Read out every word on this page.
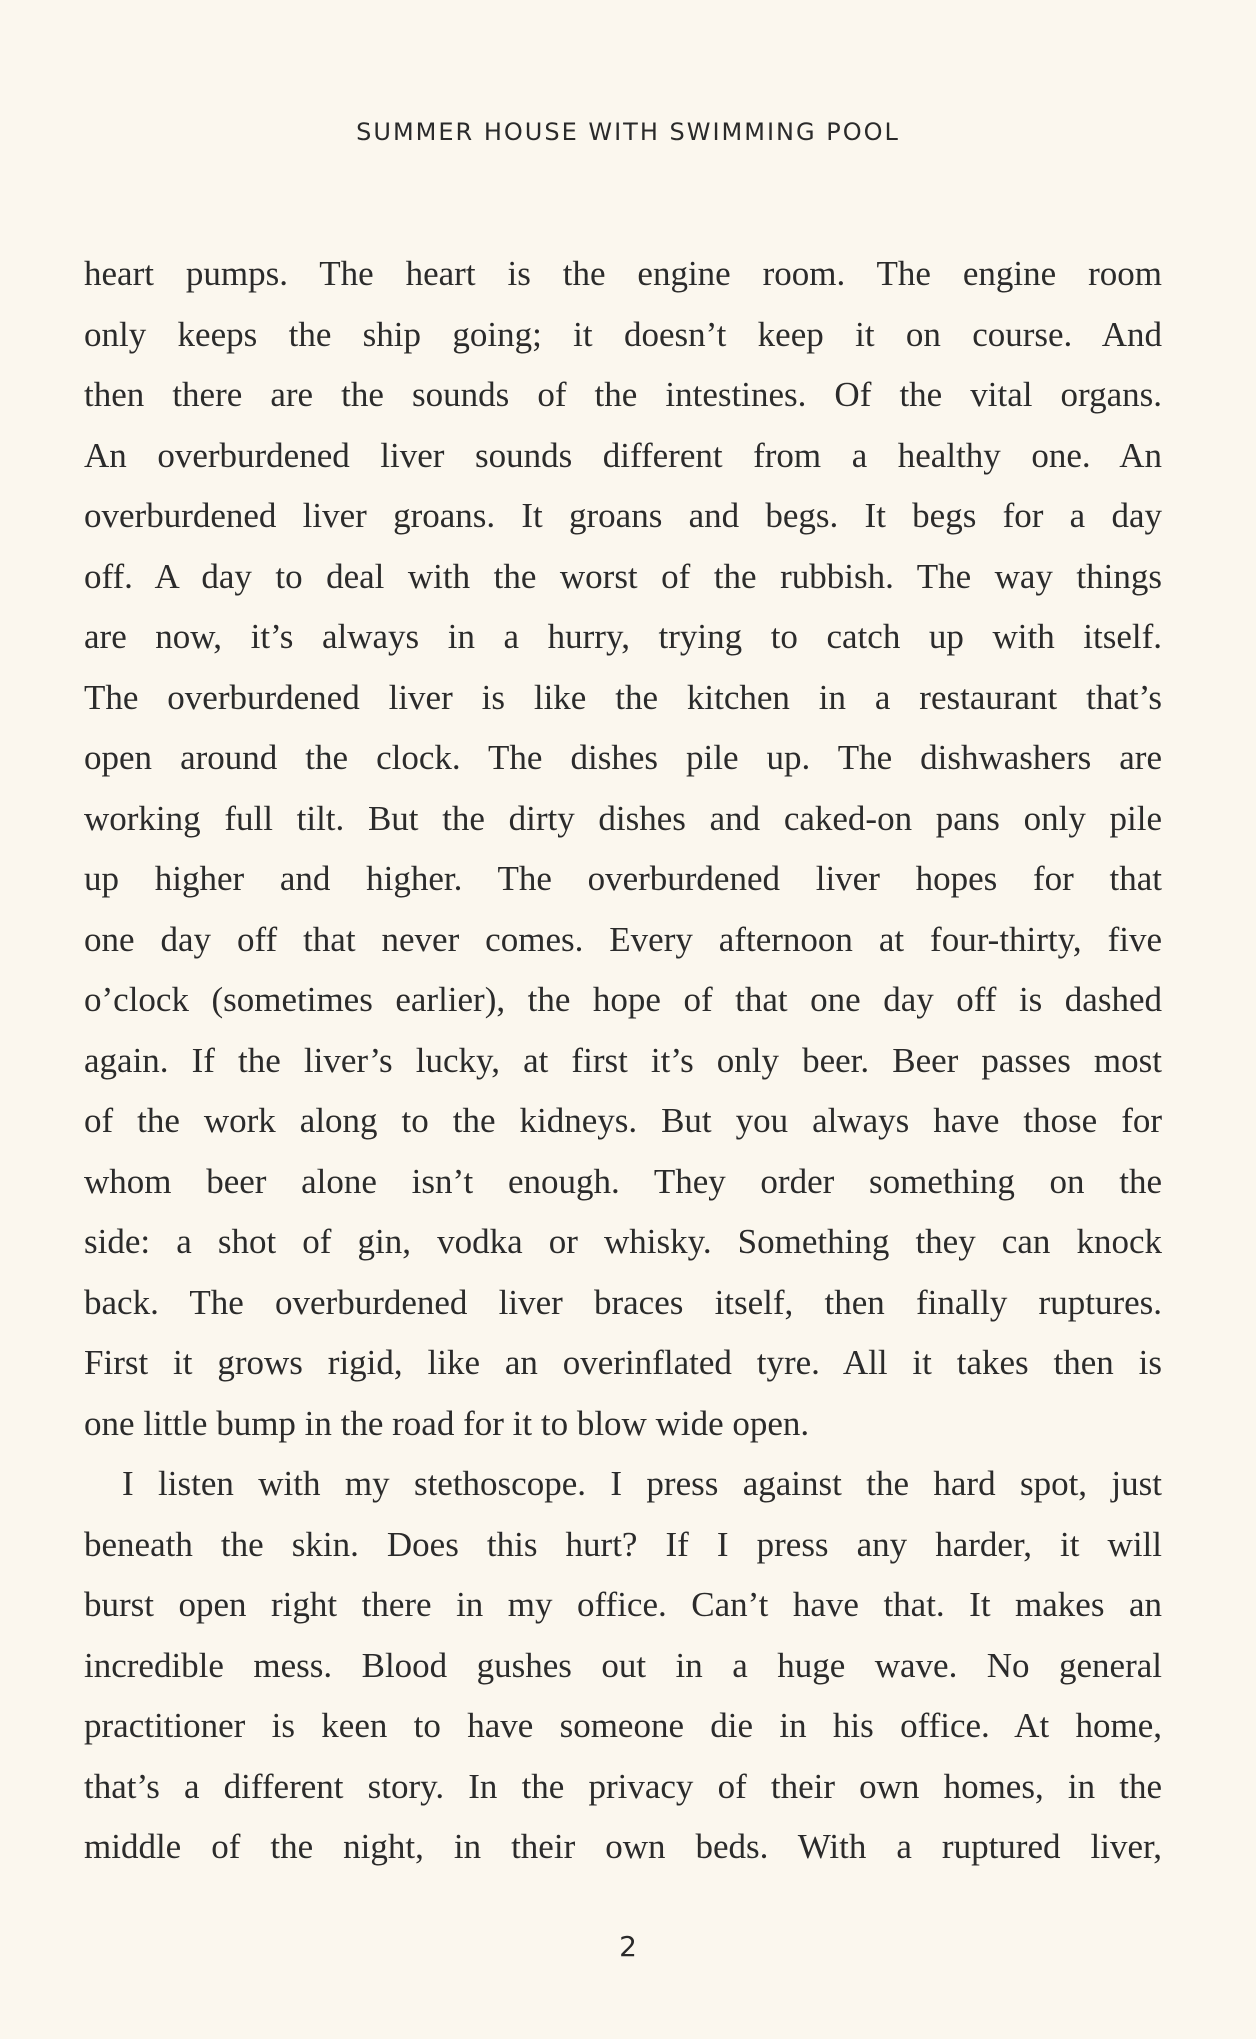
SUMMER HOUSE WITH SWIMMING POOL
heart pumps. The heart is the engine room. The engine room
only keeps the ship going; it doesn’t keep it on course. And
then there are the sounds of the intestines. Of the vital organs.
An overburdened liver sounds different from a healthy one. An
overburdened liver groans. It groans and begs. It begs for a day
off. A day to deal with the worst of the rubbish. The way things
are now, it’s always in a hurry, trying to catch up with itself.
The overburdened liver is like the kitchen in a restaurant that’s
open around the clock. The dishes pile up. The dishwashers are
working full tilt. But the dirty dishes and caked-on pans only pile
up higher and higher. The overburdened liver hopes for that
one day off that never comes. Every afternoon at four-thirty, five
o’clock (sometimes earlier), the hope of that one day off is dashed
again. If the liver’s lucky, at first it’s only beer. Beer passes most
of the work along to the kidneys. But you always have those for
whom beer alone isn’t enough. They order something on the
side: a shot of gin, vodka or whisky. Something they can knock
back. The overburdened liver braces itself, then finally ruptures.
First it grows rigid, like an overinflated tyre. All it takes then is
one little bump in the road for it to blow wide open.
I listen with my stethoscope. I press against the hard spot, just
beneath the skin. Does this hurt? If I press any harder, it will
burst open right there in my office. Can’t have that. It makes an
incredible mess. Blood gushes out in a huge wave. No general
practitioner is keen to have someone die in his office. At home,
that’s a different story. In the privacy of their own homes, in the
middle of the night, in their own beds. With a ruptured liver,
2
